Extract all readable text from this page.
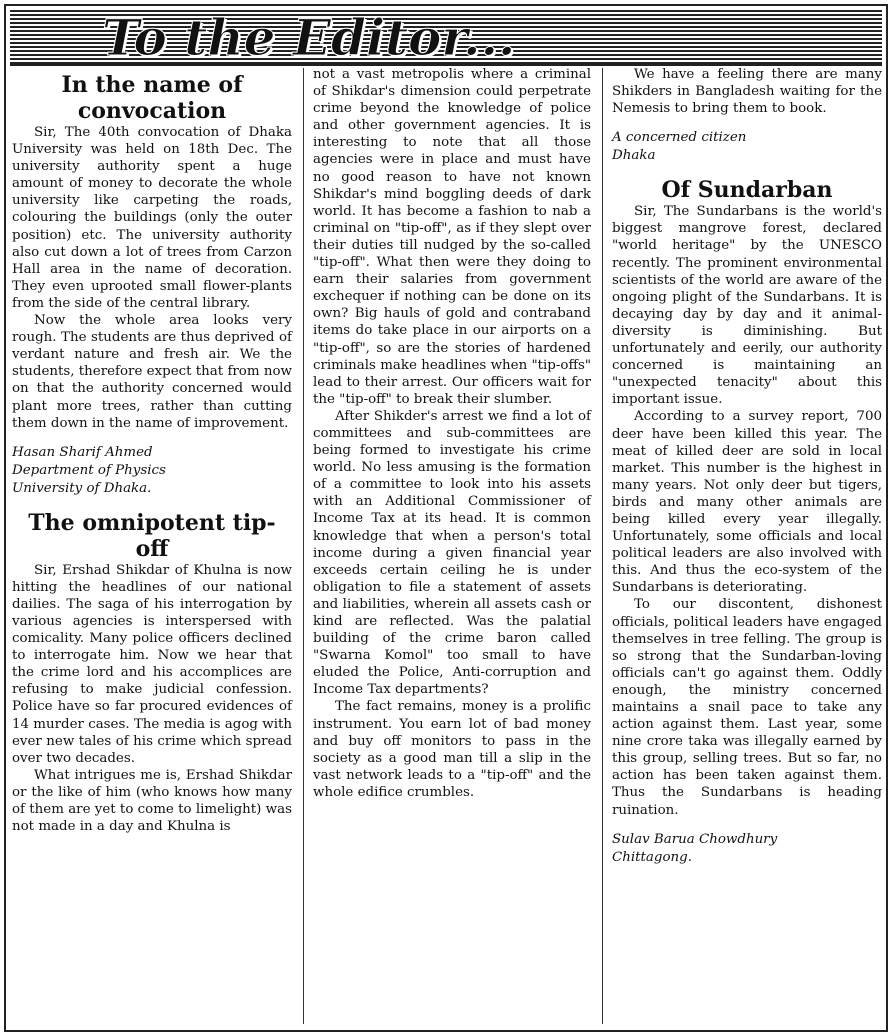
To the Editor...
In the name of convocation

Sir, The 40th convocation of Dhaka University was held on 18th Dec. The university authority spent a huge amount of money to decorate the whole university like carpeting the roads, colouring the buildings (only the outer position) etc. The university authority also cut down a lot of trees from Carzon Hall area in the name of decoration. They even uprooted small flower-plants from the side of the central library.

Now the whole area looks very rough. The students are thus deprived of verdant nature and fresh air. We the students, therefore expect that from now on that the authority concerned would plant more trees, rather than cutting them down in the name of improvement.

Hasan Sharif Ahmed

Department of Physics

University of Dhaka.

The omnipotent tip-off

Sir, Ershad Shikdar of Khulna is now hitting the headlines of our national dailies. The saga of his interrogation by various agencies is interspersed with comicality. Many police officers declined to interrogate him. Now we hear that the crime lord and his accomplices are refusing to make judicial confession. Police have so far procured evidences of 14 murder cases. The media is agog with ever new tales of his crime which spread over two decades.

What intrigues me is, Ershad Shikdar or the like of him (who knows how many of them are yet to come to limelight) was not made in a day and Khulna is

not a vast metropolis where a criminal of Shikdar's dimension could perpetrate crime beyond the knowledge of police and other government agencies. It is interesting to note that all those agencies were in place and must have no good reason to have not known Shikdar's mind boggling deeds of dark world. It has become a fashion to nab a criminal on "tip-off", as if they slept over their duties till nudged by the so-called "tip-off". What then were they doing to earn their salaries from government exchequer if nothing can be done on its own? Big hauls of gold and contraband items do take place in our airports on a "tip-off", so are the stories of hardened criminals make headlines when "tip-offs" lead to their arrest. Our officers wait for the "tip-off" to break their slumber.

After Shikder's arrest we find a lot of committees and sub-committees are being formed to investigate his crime world. No less amusing is the formation of a committee to look into his assets with an Additional Commissioner of Income Tax at its head. It is common knowledge that when a person's total income during a given financial year exceeds certain ceiling he is under obligation to file a statement of assets and liabilities, wherein all assets cash or kind are reflected. Was the palatial building of the crime baron called "Swarna Komol" too small to have eluded the Police, Anti-corruption and Income Tax departments?

The fact remains, money is a prolific instrument. You earn lot of bad money and buy off monitors to pass in the society as a good man till a slip in the vast network leads to a "tip-off" and the whole edifice crumbles.

We have a feeling there are many Shikders in Bangladesh waiting for the Nemesis to bring them to book.

A concerned citizen

Dhaka

Of Sundarban

Sir, The Sundarbans is the world's biggest mangrove forest, declared "world heritage" by the UNESCO recently. The prominent environmental scientists of the world are aware of the ongoing plight of the Sundarbans. It is decaying day by day and it animal-diversity is diminishing. But unfortunately and eerily, our authority concerned is maintaining an "unexpected tenacity" about this important issue.

According to a survey report, 700 deer have been killed this year. The meat of killed deer are sold in local market. This number is the highest in many years. Not only deer but tigers, birds and many other animals are being killed every year illegally. Unfortunately, some officials and local political leaders are also involved with this. And thus the eco-system of the Sundarbans is deteriorating.

To our discontent, dishonest officials, political leaders have engaged themselves in tree felling. The group is so strong that the Sundarban-loving officials can't go against them. Oddly enough, the ministry concerned maintains a snail pace to take any action against them. Last year, some nine crore taka was illegally earned by this group, selling trees. But so far, no action has been taken against them. Thus the Sundarbans is heading ruination.

Sulav Barua Chowdhury

Chittagong.
